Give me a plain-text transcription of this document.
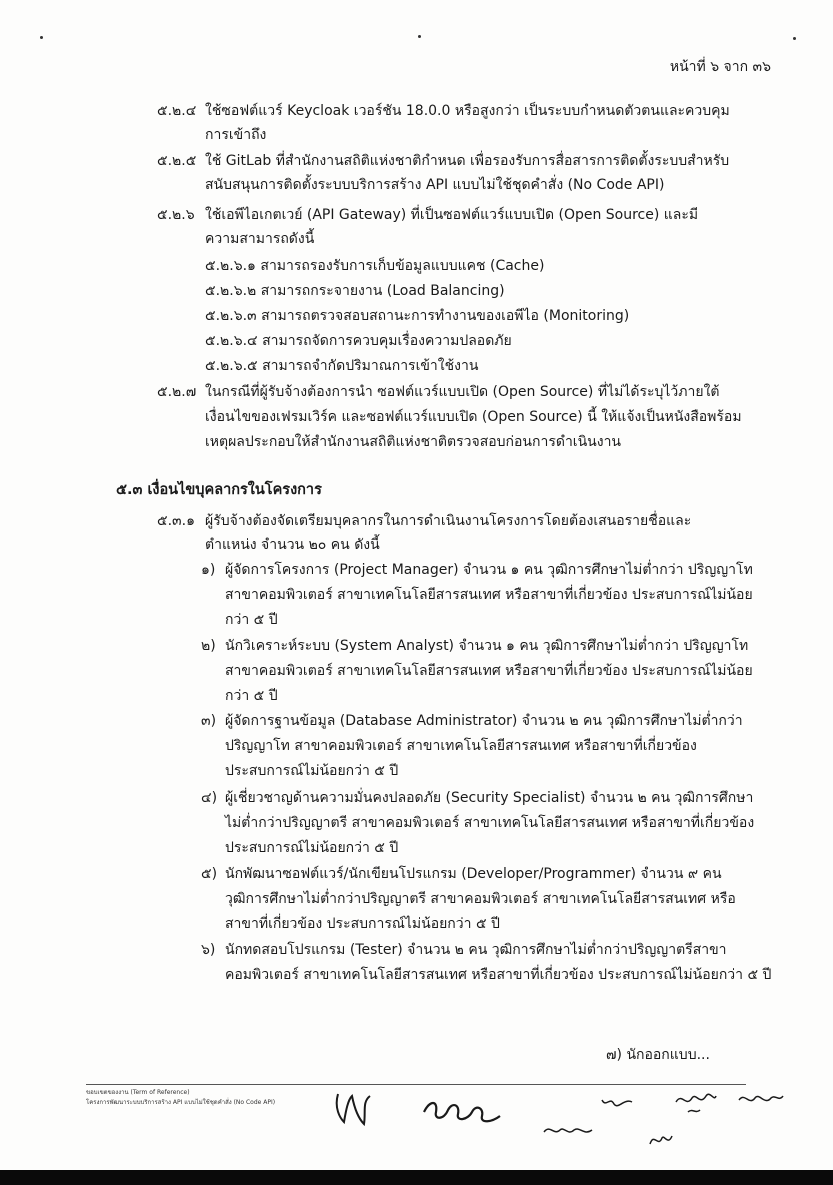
หน้าที่ ๖ จาก ๓๖
๕.๒.๔ ใช้ซอฟต์แวร์ Keycloak เวอร์ชัน 18.0.0 หรือสูงกว่า เป็นระบบกำหนดตัวตนและควบคุม
การเข้าถึง
๕.๒.๕ ใช้ GitLab ที่สำนักงานสถิติแห่งชาติกำหนด เพื่อรองรับการสื่อสารการติดตั้งระบบสำหรับ
สนับสนุนการติดตั้งระบบบริการสร้าง API แบบไม่ใช้ชุดคำสั่ง (No Code API)
๕.๒.๖ ใช้เอพีไอเกตเวย์ (API Gateway) ที่เป็นซอฟต์แวร์แบบเปิด (Open Source) และมี
ความสามารถดังนี้
๕.๒.๖.๑ สามารถรองรับการเก็บข้อมูลแบบแคช (Cache)
๕.๒.๖.๒ สามารถกระจายงาน (Load Balancing)
๕.๒.๖.๓ สามารถตรวจสอบสถานะการทำงานของเอพีไอ (Monitoring)
๕.๒.๖.๔ สามารถจัดการควบคุมเรื่องความปลอดภัย
๕.๒.๖.๕ สามารถจำกัดปริมาณการเข้าใช้งาน
๕.๒.๗ ในกรณีที่ผู้รับจ้างต้องการนำ ซอฟต์แวร์แบบเปิด (Open Source) ที่ไม่ได้ระบุไว้ภายใต้
เงื่อนไขของเฟรมเวิร์ค และซอฟต์แวร์แบบเปิด (Open Source) นี้ ให้แจ้งเป็นหนังสือพร้อม
เหตุผลประกอบให้สำนักงานสถิติแห่งชาติตรวจสอบก่อนการดำเนินงาน
๕.๓ เงื่อนไขบุคลากรในโครงการ
๕.๓.๑ ผู้รับจ้างต้องจัดเตรียมบุคลากรในการดำเนินงานโครงการโดยต้องเสนอรายชื่อและ
ตำแหน่ง จำนวน ๒๐ คน ดังนี้
๑) ผู้จัดการโครงการ (Project Manager) จำนวน ๑ คน วุฒิการศึกษาไม่ต่ำกว่า ปริญญาโท
สาขาคอมพิวเตอร์ สาขาเทคโนโลยีสารสนเทศ หรือสาขาที่เกี่ยวข้อง ประสบการณ์ไม่น้อย
กว่า ๕ ปี
๒) นักวิเคราะห์ระบบ (System Analyst) จำนวน ๑ คน วุฒิการศึกษาไม่ต่ำกว่า ปริญญาโท
สาขาคอมพิวเตอร์ สาขาเทคโนโลยีสารสนเทศ หรือสาขาที่เกี่ยวข้อง ประสบการณ์ไม่น้อย
กว่า ๕ ปี
๓) ผู้จัดการฐานข้อมูล (Database Administrator) จำนวน ๒ คน วุฒิการศึกษาไม่ต่ำกว่า
ปริญญาโท สาขาคอมพิวเตอร์ สาขาเทคโนโลยีสารสนเทศ หรือสาขาที่เกี่ยวข้อง
ประสบการณ์ไม่น้อยกว่า ๕ ปี
๔) ผู้เชี่ยวชาญด้านความมั่นคงปลอดภัย (Security Specialist) จำนวน ๒ คน วุฒิการศึกษา
ไม่ต่ำกว่าปริญญาตรี สาขาคอมพิวเตอร์ สาขาเทคโนโลยีสารสนเทศ หรือสาขาที่เกี่ยวข้อง
ประสบการณ์ไม่น้อยกว่า ๕ ปี
๕) นักพัฒนาซอฟต์แวร์/นักเขียนโปรแกรม (Developer/Programmer) จำนวน ๙ คน
วุฒิการศึกษาไม่ต่ำกว่าปริญญาตรี สาขาคอมพิวเตอร์ สาขาเทคโนโลยีสารสนเทศ หรือ
สาขาที่เกี่ยวข้อง ประสบการณ์ไม่น้อยกว่า ๕ ปี
๖) นักทดสอบโปรแกรม (Tester) จำนวน ๒ คน วุฒิการศึกษาไม่ต่ำกว่าปริญญาตรีสาขา
คอมพิวเตอร์ สาขาเทคโนโลยีสารสนเทศ หรือสาขาที่เกี่ยวข้อง ประสบการณ์ไม่น้อยกว่า ๕ ปี
๗) นักออกแบบ...
ขอบเขตของงาน (Term of Reference)
โครงการพัฒนาระบบบริการสร้าง API แบบไม่ใช้ชุดคำสั่ง (No Code API)
